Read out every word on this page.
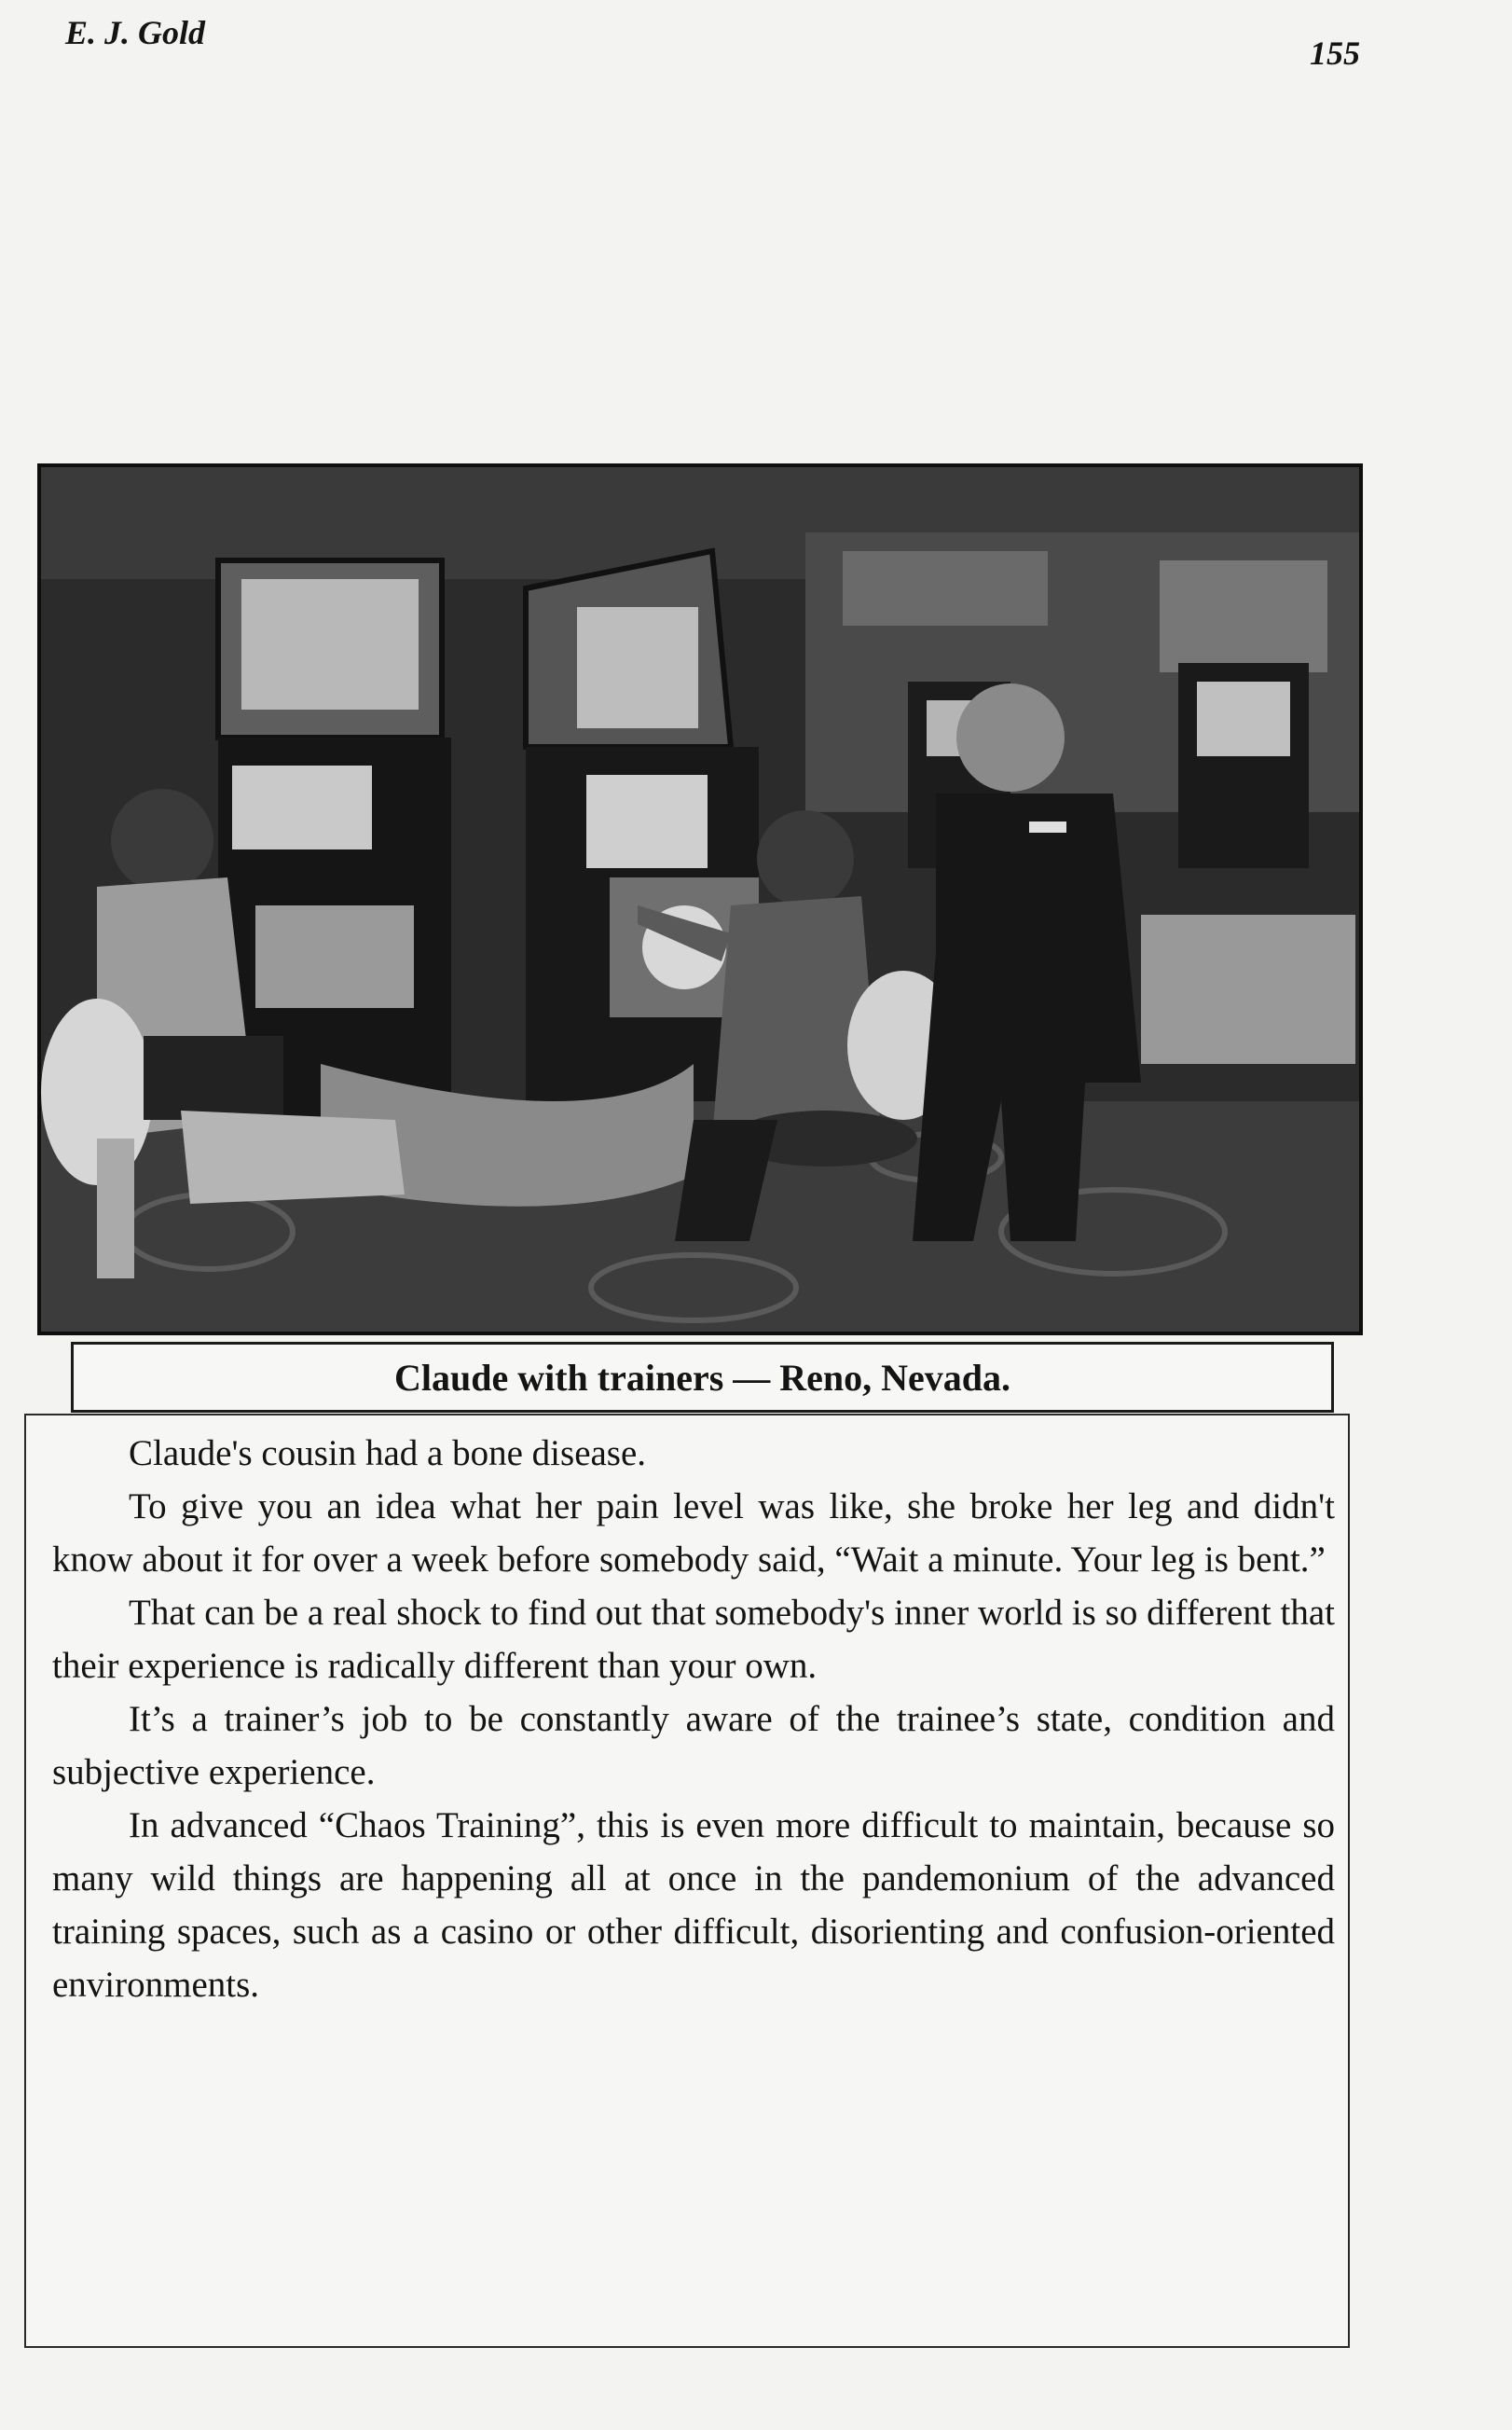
E. J. Gold
155
Claude with trainers — Reno, Nevada.

Claude's cousin had a bone disease.

To give you an idea what her pain level was like, she broke her leg and didn't know about it for over a week before somebody said, “Wait a minute. Your leg is bent.”

That can be a real shock to find out that somebody's inner world is so different that their experience is radically different than your own.

It’s a trainer’s job to be constantly aware of the trainee’s state, condition and subjective experience.

In advanced “Chaos Training”, this is even more difficult to maintain, because so many wild things are happening all at once in the pandemonium of the advanced training spaces, such as a casino or other difficult, disorienting and confusion-oriented environments.
